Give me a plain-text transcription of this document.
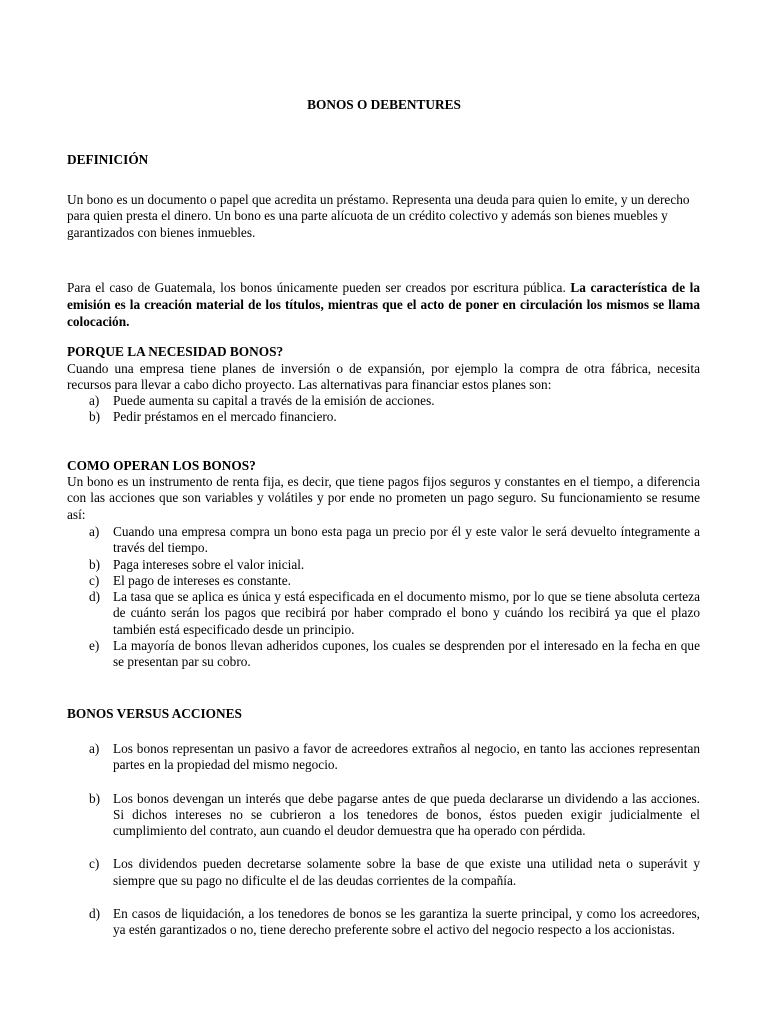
BONOS O DEBENTURES
DEFINICIÓN
Un bono es un documento o papel que acredita un préstamo. Representa una deuda para quien lo emite, y un derecho para quien presta el dinero. Un bono es una parte alícuota de un crédito colectivo y además son bienes muebles y garantizados con bienes inmuebles.
Para el caso de Guatemala, los bonos únicamente pueden ser creados por escritura pública. La característica de la emisión es la creación material de los títulos, mientras que el acto de poner en circulación los mismos se llama colocación.
PORQUE LA NECESIDAD BONOS?
Cuando una empresa tiene planes de inversión o de expansión, por ejemplo la compra de otra fábrica, necesita recursos para llevar a cabo dicho proyecto. Las alternativas para financiar estos planes son:
a) Puede aumenta su capital a través de la emisión de acciones.
b) Pedir préstamos en el mercado financiero.
COMO OPERAN LOS BONOS?
Un bono es un instrumento de renta fija, es decir, que tiene pagos fijos seguros y constantes en el tiempo, a diferencia con las acciones que son variables y volátiles y por ende no prometen un pago seguro. Su funcionamiento se resume así:
a) Cuando una empresa compra un bono esta paga un precio por él y este valor le será devuelto íntegramente a través del tiempo.
b) Paga intereses sobre el valor inicial.
c) El pago de intereses es constante.
d) La tasa que se aplica es única y está especificada en el documento mismo, por lo que se tiene absoluta certeza de cuánto serán los pagos que recibirá por haber comprado el bono y cuándo los recibirá ya que el plazo también está especificado desde un principio.
e) La mayoría de bonos llevan adheridos cupones, los cuales se desprenden por el interesado en la fecha en que se presentan par su cobro.
BONOS VERSUS ACCIONES
a) Los bonos representan un pasivo a favor de acreedores extraños al negocio, en tanto las acciones representan partes en la propiedad del mismo negocio.
b) Los bonos devengan un interés que debe pagarse antes de que pueda declararse un dividendo a las acciones. Si dichos intereses no se cubrieron a los tenedores de bonos, éstos pueden exigir judicialmente el cumplimiento del contrato, aun cuando el deudor demuestra que ha operado con pérdida.
c) Los dividendos pueden decretarse solamente sobre la base de que existe una utilidad neta o superávit y siempre que su pago no dificulte el de las deudas corrientes de la compañía.
d) En casos de liquidación, a los tenedores de bonos se les garantiza la suerte principal, y como los acreedores, ya estén garantizados o no, tiene derecho preferente sobre el activo del negocio respecto a los accionistas.
